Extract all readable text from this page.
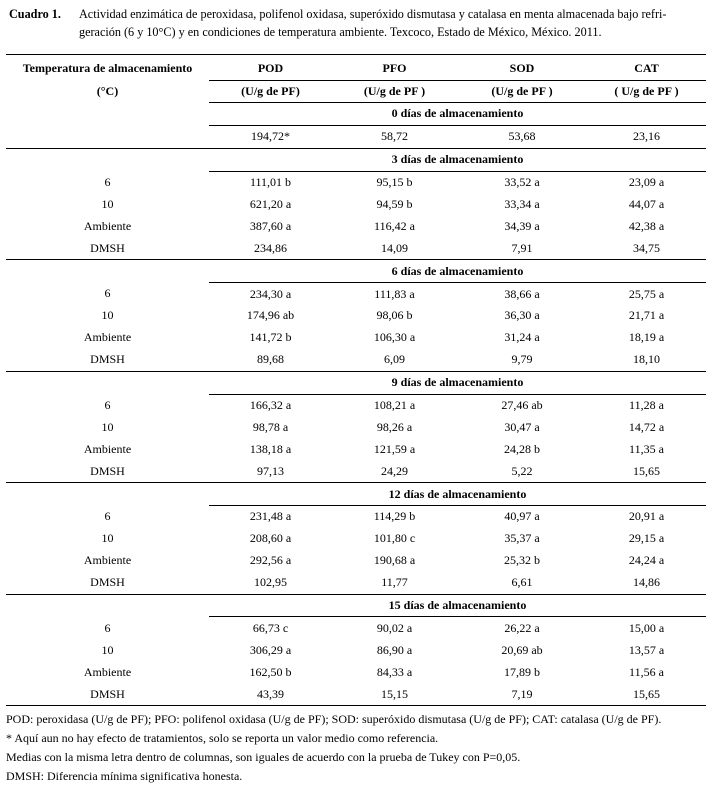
Cuadro 1. Actividad enzimática de peroxidasa, polifenol oxidasa, superóxido dismutasa y catalasa en menta almacenada bajo refri-
geración (6 y 10°C) y en condiciones de temperatura ambiente. Texcoco, Estado de México, México. 2011.
Temperatura de almacenamiento	POD	PFO	SOD	CAT
(°C)	(U/g de PF)	(U/g de PF )	(U/g de PF )	( U/g de PF )
	0 días de almacenamiento			
	194,72*	58,72	53,68	23,16
	3 días de almacenamiento			
6	111,01 b	95,15 b	33,52 a	23,09 a
10	621,20 a	94,59 b	33,34 a	44,07 a
Ambiente	387,60 a	116,42 a	34,39 a	42,38 a
DMSH	234,86	14,09	7,91	34,75
	6 días de almacenamiento			
6	234,30 a	111,83 a	38,66 a	25,75 a
10	174,96 ab	98,06 b	36,30 a	21,71 a
Ambiente	141,72 b	106,30 a	31,24 a	18,19 a
DMSH	89,68	6,09	9,79	18,10
	9 días de almacenamiento			
6	166,32 a	108,21 a	27,46 ab	11,28 a
10	98,78 a	98,26 a	30,47 a	14,72 a
Ambiente	138,18 a	121,59 a	24,28 b	11,35 a
DMSH	97,13	24,29	5,22	15,65
	12 días de almacenamiento			
6	231,48 a	114,29 b	40,97 a	20,91 a
10	208,60 a	101,80 c	35,37 a	29,15 a
Ambiente	292,56 a	190,68 a	25,32 b	24,24 a
DMSH	102,95	11,77	6,61	14,86
	15 días de almacenamiento			
6	66,73 c	90,02 a	26,22 a	15,00 a
10	306,29 a	86,90 a	20,69 ab	13,57 a
Ambiente	162,50 b	84,33 a	17,89 b	11,56 a
DMSH	43,39	15,15	7,19	15,65
POD: peroxidasa (U/g de PF); PFO: polifenol oxidasa (U/g de PF); SOD: superóxido dismutasa (U/g de PF); CAT: catalasa (U/g de PF).
* Aquí aun no hay efecto de tratamientos, solo se reporta un valor medio como referencia.
Medias con la misma letra dentro de columnas, son iguales de acuerdo con la prueba de Tukey con P=0,05.
DMSH: Diferencia mínima significativa honesta.
